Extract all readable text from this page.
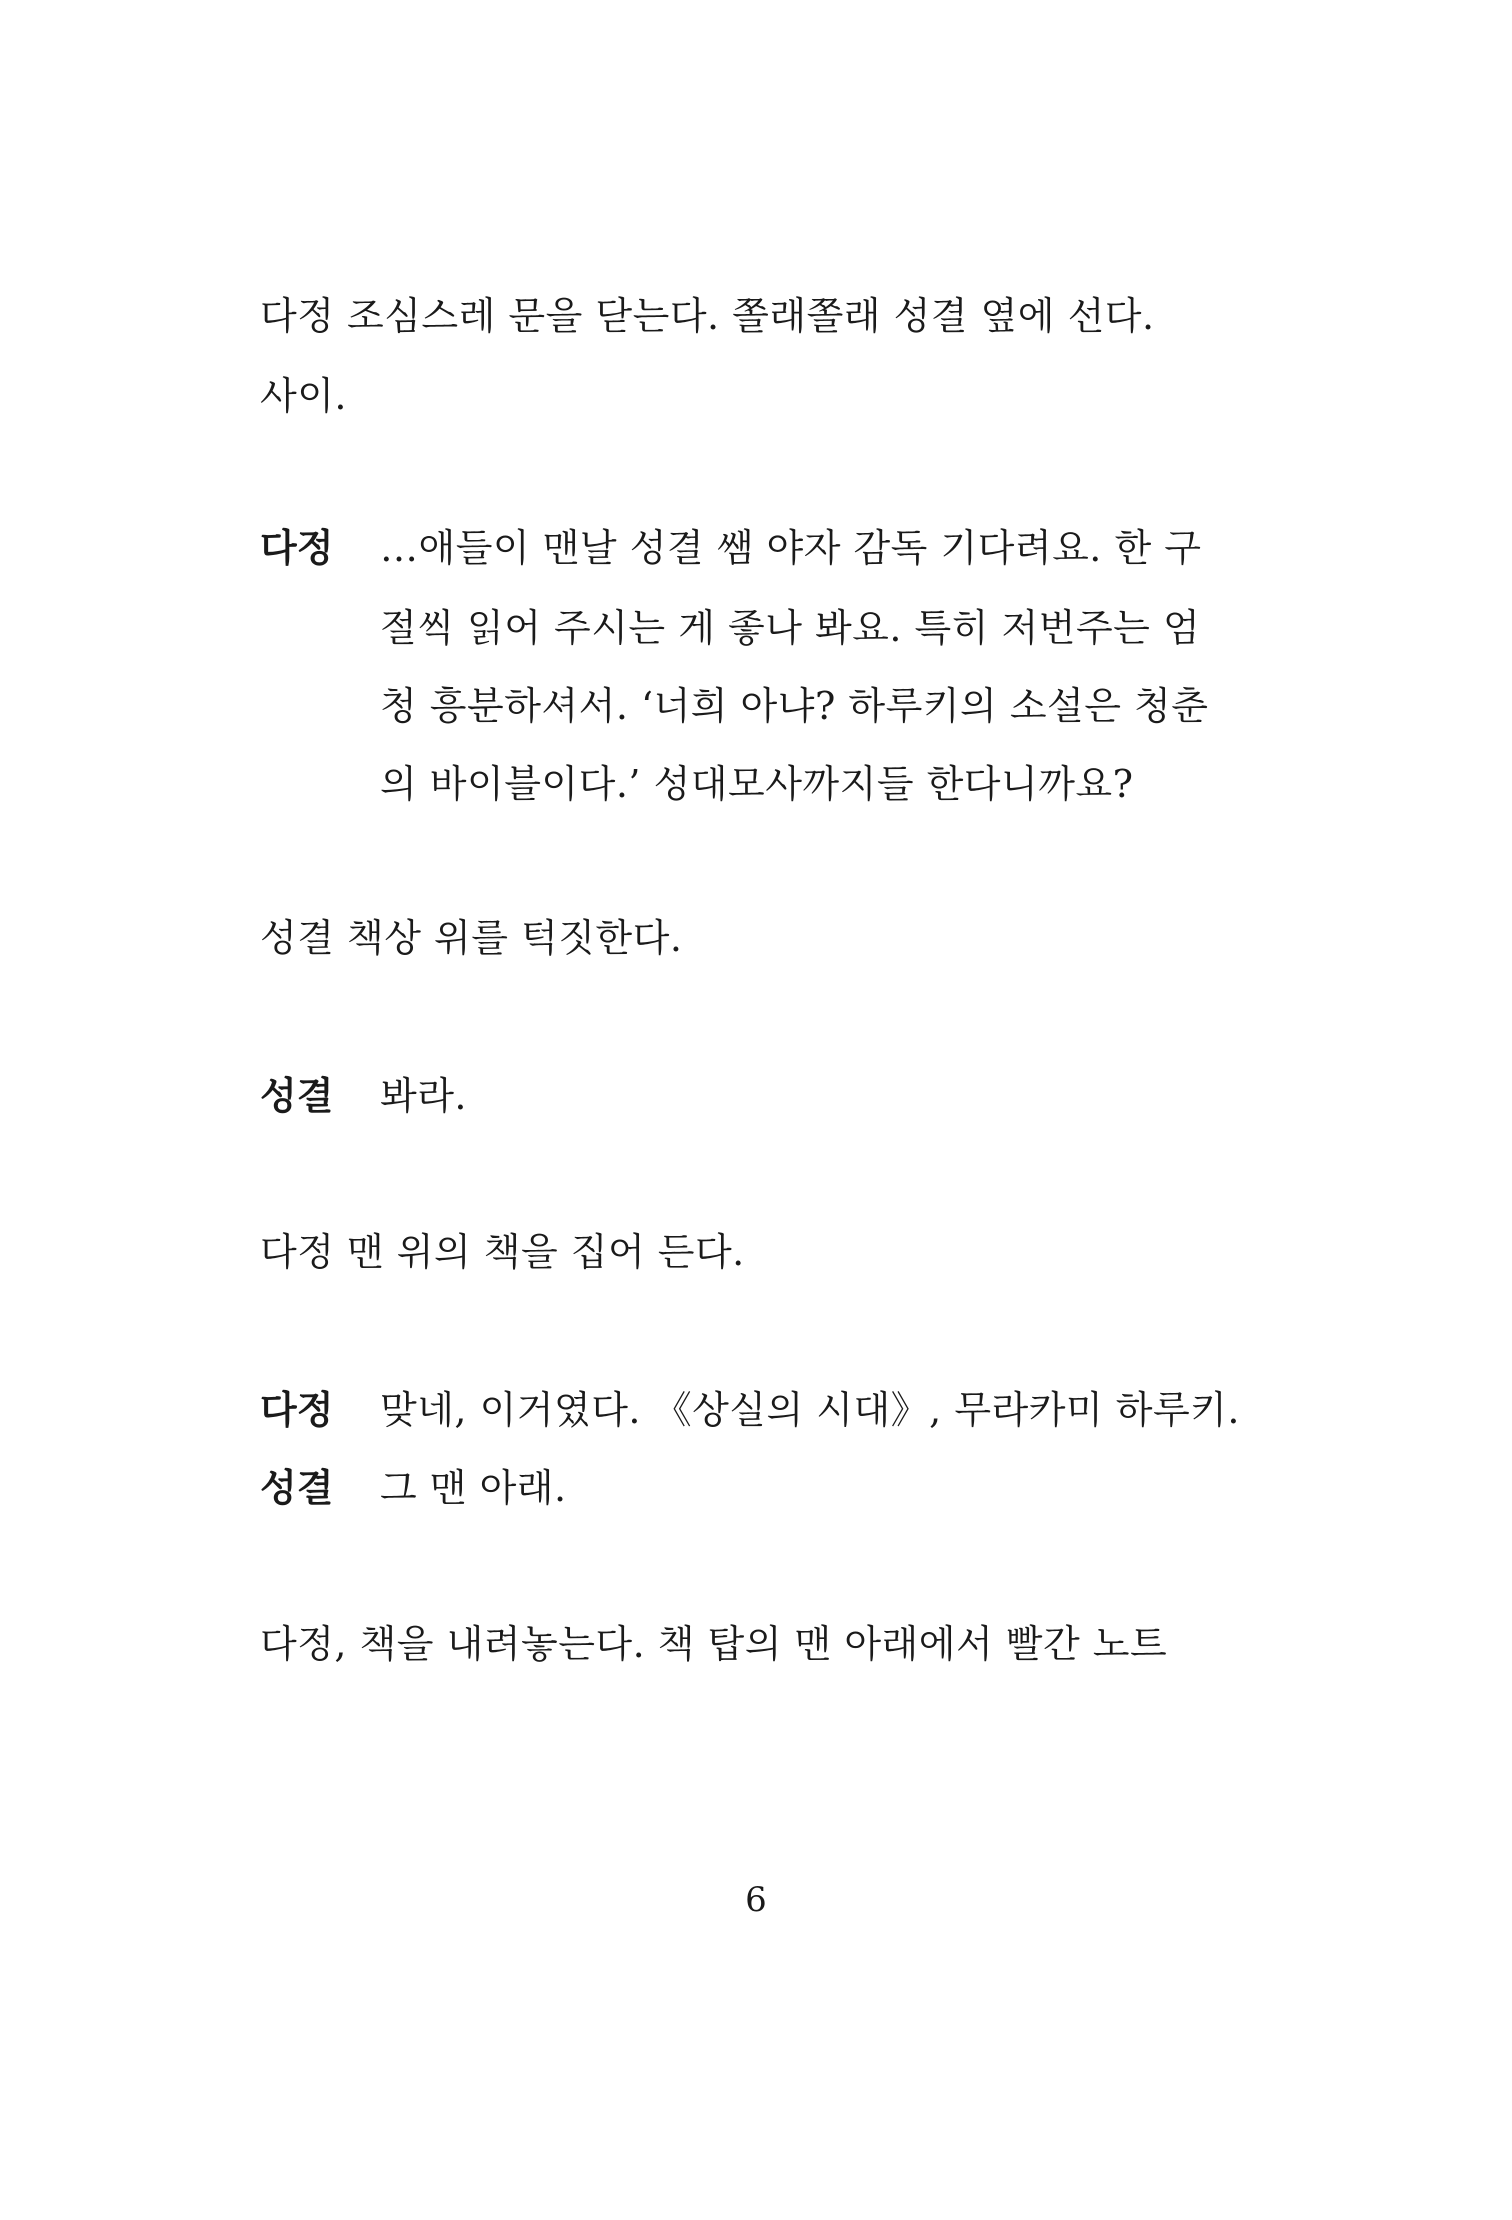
다정 조심스레 문을 닫는다. 쫄래쫄래 성결 옆에 선다.
사이.
다정 …애들이 맨날 성결 쌤 야자 감독 기다려요. 한 구
절씩 읽어 주시는 게 좋나 봐요. 특히 저번주는 엄
청 흥분하셔서. ‘너희 아냐? 하루키의 소설은 청춘
의 바이블이다.’ 성대모사까지들 한다니까요?
성결 책상 위를 턱짓한다.
성결 봐라.
다정 맨 위의 책을 집어 든다.
다정 맞네, 이거였다. 《상실의 시대》, 무라카미 하루키.
성결 그 맨 아래.
다정, 책을 내려놓는다. 책 탑의 맨 아래에서 빨간 노트
6
